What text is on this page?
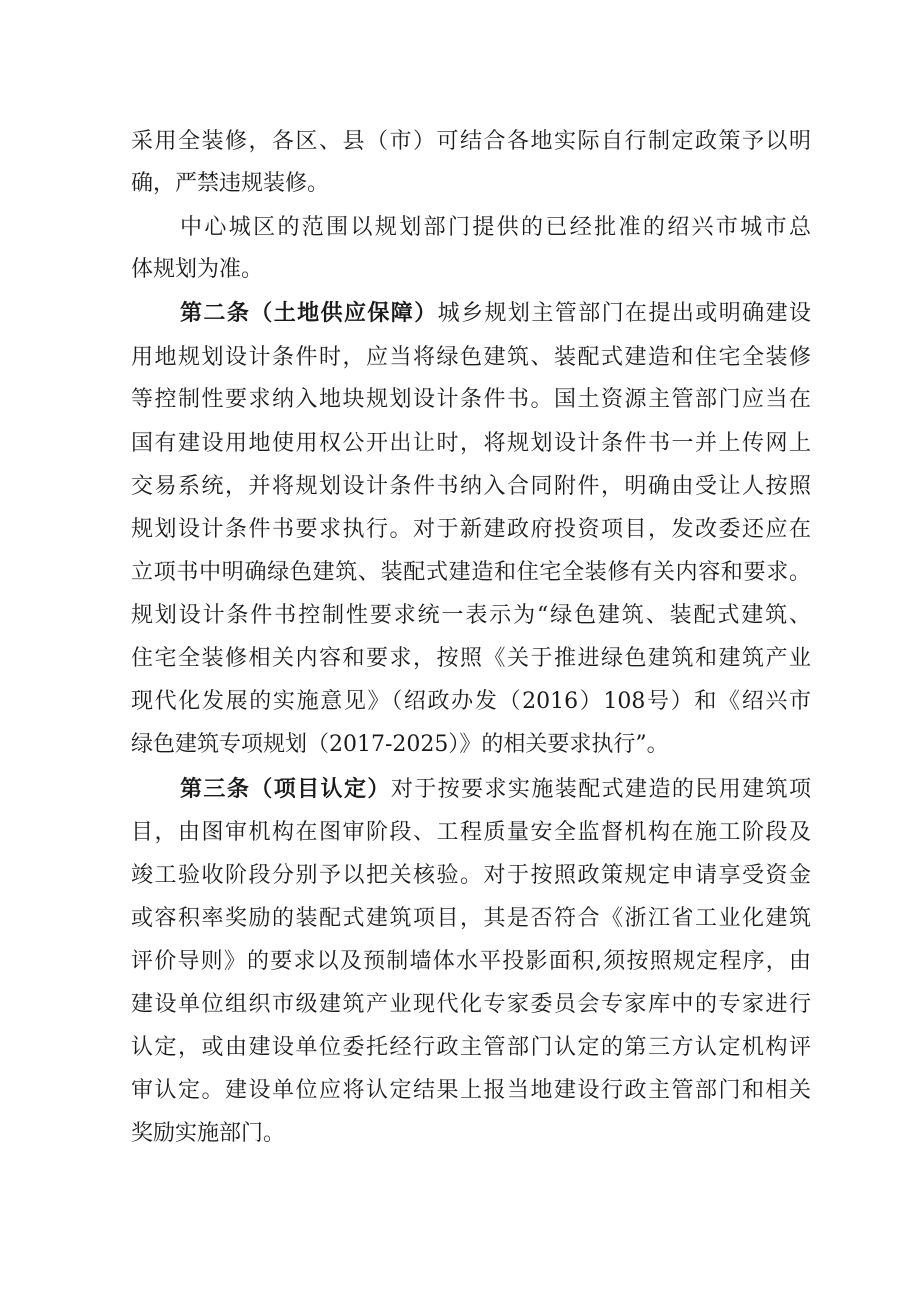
采用全装修，各区、县（市）可结合各地实际自行制定政策予以明
确，严禁违规装修。
中心城区的范围以规划部门提供的已经批准的绍兴市城市总
体规划为准。
第二条（土地供应保障）城乡规划主管部门在提出或明确建设
用地规划设计条件时，应当将绿色建筑、装配式建造和住宅全装修
等控制性要求纳入地块规划设计条件书。国土资源主管部门应当在
国有建设用地使用权公开出让时，将规划设计条件书一并上传网上
交易系统，并将规划设计条件书纳入合同附件，明确由受让人按照
规划设计条件书要求执行。对于新建政府投资项目，发改委还应在
立项书中明确绿色建筑、装配式建造和住宅全装修有关内容和要求。
规划设计条件书控制性要求统一表示为“绿色建筑、装配式建筑、
住宅全装修相关内容和要求，按照《关于推进绿色建筑和建筑产业
现代化发展的实施意见》（绍政办发（2016）108号）和《绍兴市
绿色建筑专项规划（2017-2025）》的相关要求执行”。
第三条（项目认定）对于按要求实施装配式建造的民用建筑项
目，由图审机构在图审阶段、工程质量安全监督机构在施工阶段及
竣工验收阶段分别予以把关核验。对于按照政策规定申请享受资金
或容积率奖励的装配式建筑项目，其是否符合《浙江省工业化建筑
评价导则》的要求以及预制墙体水平投影面积,须按照规定程序，由
建设单位组织市级建筑产业现代化专家委员会专家库中的专家进行
认定，或由建设单位委托经行政主管部门认定的第三方认定机构评
审认定。建设单位应将认定结果上报当地建设行政主管部门和相关
奖励实施部门。
